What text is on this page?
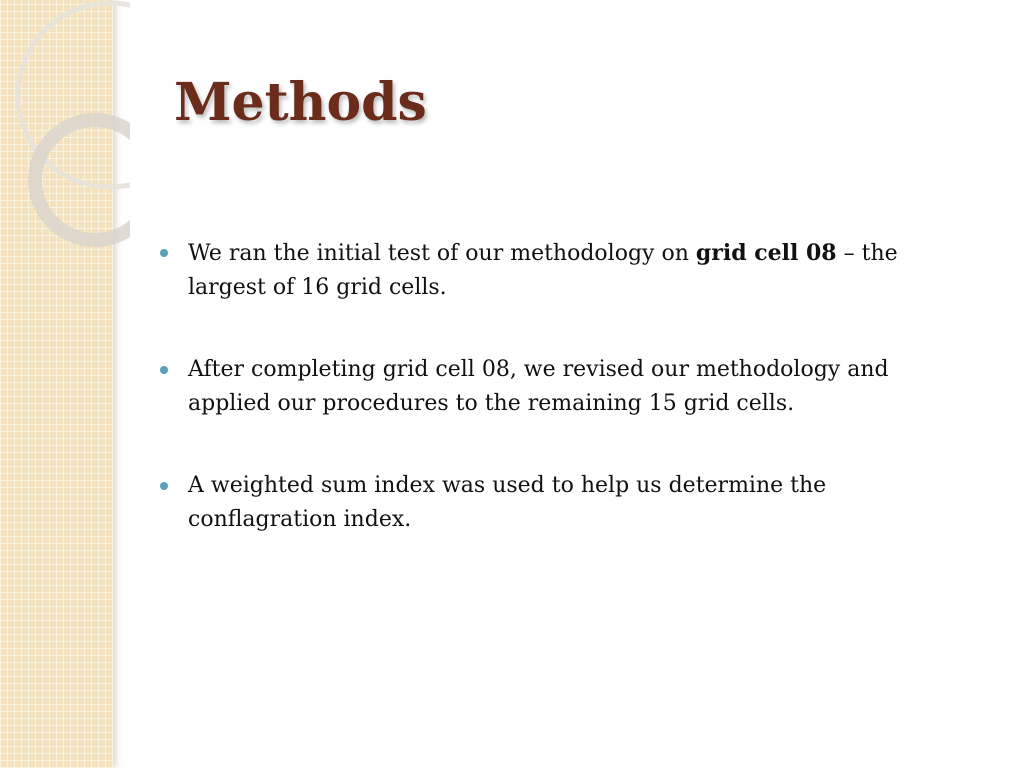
Methods
We ran the initial test of our methodology on grid cell 08 – the largest of 16 grid cells.
After completing grid cell 08, we revised our methodology and applied our procedures to the remaining 15 grid cells.
A weighted sum index was used to help us determine the conflagration index.
